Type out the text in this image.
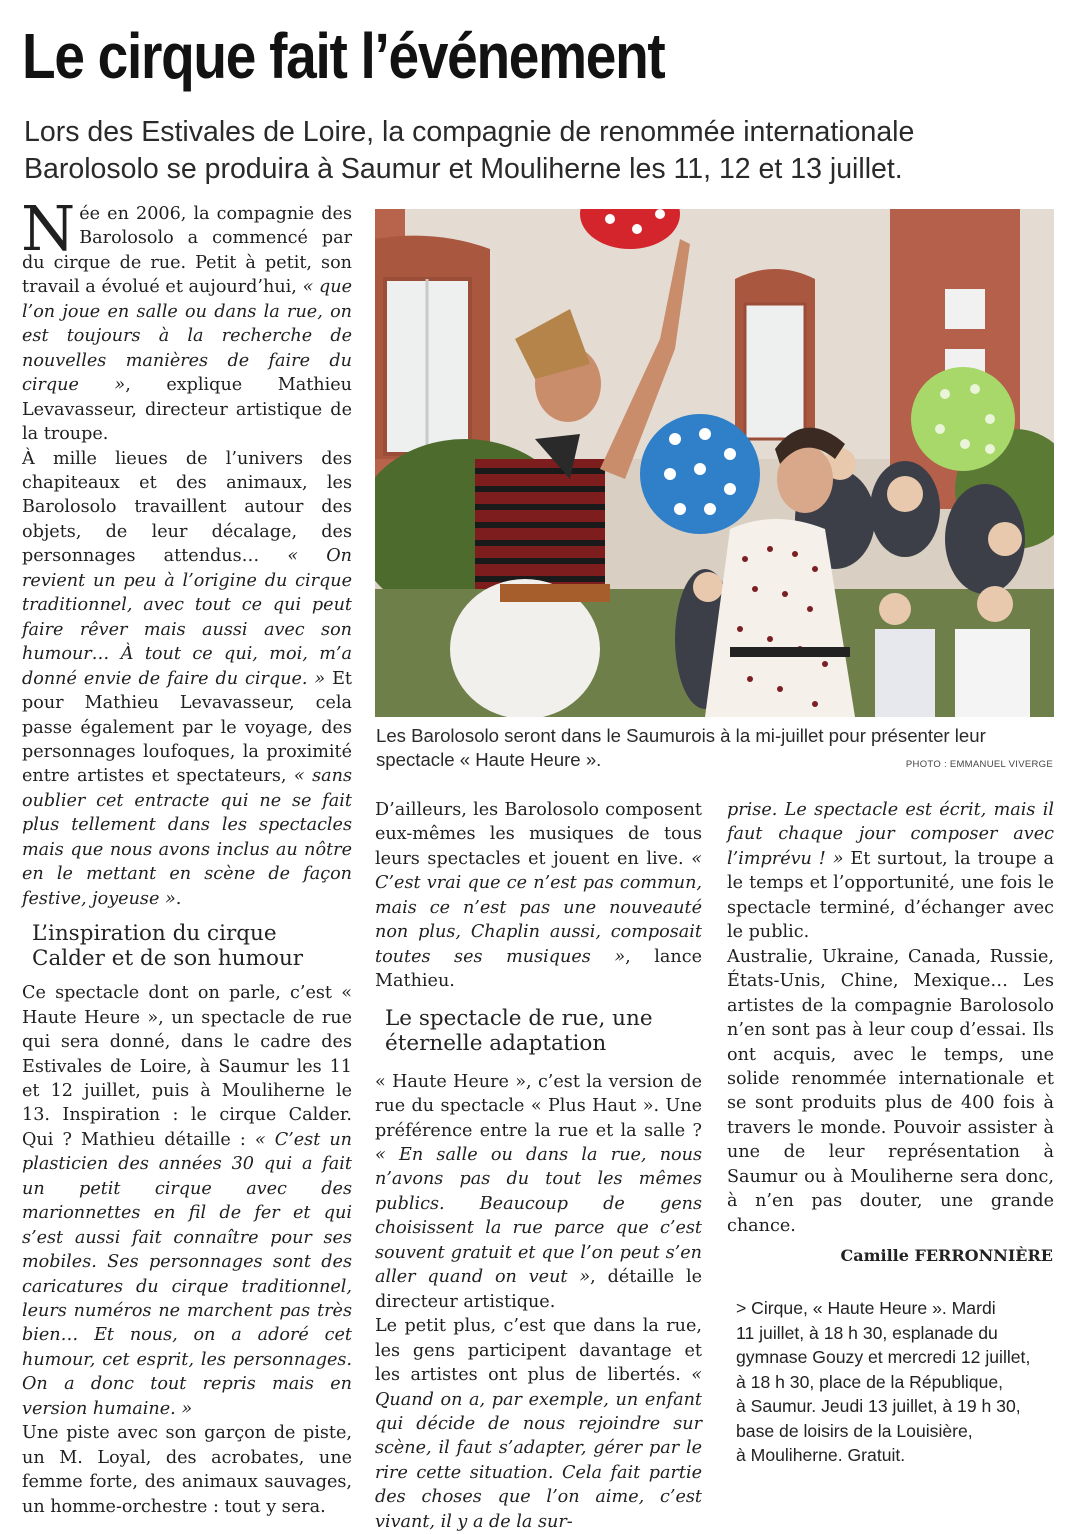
Le cirque fait l’événement

Lors des Estivales de Loire, la compagnie de renommée internationale Barolosolo se produira à Saumur et Mouliherne les 11, 12 et 13 juillet.

Née en 2006, la compagnie des Barolosolo a commencé par du cirque de rue. Petit à petit, son travail a évolué et aujourd’hui, « que l’on joue en salle ou dans la rue, on est toujours à la recherche de nouvelles manières de faire du cirque », explique Mathieu Levavasseur, directeur artistique de la troupe.

À mille lieues de l’univers des chapiteaux et des animaux, les Barolosolo travaillent autour des objets, de leur décalage, des personnages attendus… « On revient un peu à l’origine du cirque traditionnel, avec tout ce qui peut faire rêver mais aussi avec son humour… À tout ce qui, moi, m’a donné envie de faire du cirque. » Et pour Mathieu Levavasseur, cela passe également par le voyage, des personnages loufoques, la proximité entre artistes et spectateurs, « sans oublier cet entracte qui ne se fait plus tellement dans les spectacles mais que nous avons inclus au nôtre en le mettant en scène de façon festive, joyeuse ».

L’inspiration du cirque Calder et de son humour

Ce spectacle dont on parle, c’est « Haute Heure », un spectacle de rue qui sera donné, dans le cadre des Estivales de Loire, à Saumur les 11 et 12 juillet, puis à Mouliherne le 13. Inspiration : le cirque Calder. Qui ? Mathieu détaille : « C’est un plasticien des années 30 qui a fait un petit cirque avec des marionnettes en fil de fer et qui s’est aussi fait connaître pour ses mobiles. Ses personnages sont des caricatures du cirque traditionnel, leurs numéros ne marchent pas très bien… Et nous, on a adoré cet humour, cet esprit, les personnages. On a donc tout repris mais en version humaine. »

Une piste avec son garçon de piste, un M. Loyal, des acrobates, une femme forte, des animaux sauvages, un homme-orchestre : tout y sera.

Les Barolosolo seront dans le Saumurois à la mi-juillet pour présenter leur spectacle « Haute Heure ».	PHOTO : EMMANUEL VIVERGE

D’ailleurs, les Barolosolo composent eux-mêmes les musiques de tous leurs spectacles et jouent en live. « C’est vrai que ce n’est pas commun, mais ce n’est pas une nouveauté non plus, Chaplin aussi, composait toutes ses musiques », lance Mathieu.

Le spectacle de rue, une éternelle adaptation

« Haute Heure », c’est la version de rue du spectacle « Plus Haut ». Une préférence entre la rue et la salle ? « En salle ou dans la rue, nous n’avons pas du tout les mêmes publics. Beaucoup de gens choisissent la rue parce que c’est souvent gratuit et que l’on peut s’en aller quand on veut », détaille le directeur artistique.

Le petit plus, c’est que dans la rue, les gens participent davantage et les artistes ont plus de libertés. « Quand on a, par exemple, un enfant qui décide de nous rejoindre sur scène, il faut s’adapter, gérer par le rire cette situation. Cela fait partie des choses que l’on aime, c’est vivant, il y a de la sur-

prise. Le spectacle est écrit, mais il faut chaque jour composer avec l’imprévu ! » Et surtout, la troupe a le temps et l’opportunité, une fois le spectacle terminé, d’échanger avec le public.

Australie, Ukraine, Canada, Russie, États-Unis, Chine, Mexique… Les artistes de la compagnie Barolosolo n’en sont pas à leur coup d’essai. Ils ont acquis, avec le temps, une solide renommée internationale et se sont produits plus de 400 fois à travers le monde. Pouvoir assister à une de leur représentation à Saumur ou à Mouliherne sera donc, à n’en pas douter, une grande chance.

Camille FERRONNIÈRE
> Cirque, « Haute Heure ». Mardi
11 juillet, à 18 h 30, esplanade du
gymnase Gouzy et mercredi 12 juillet,
à 18 h 30, place de la République,
à Saumur. Jeudi 13 juillet, à 19 h 30,
base de loisirs de la Louisière,
à Mouliherne. Gratuit.
